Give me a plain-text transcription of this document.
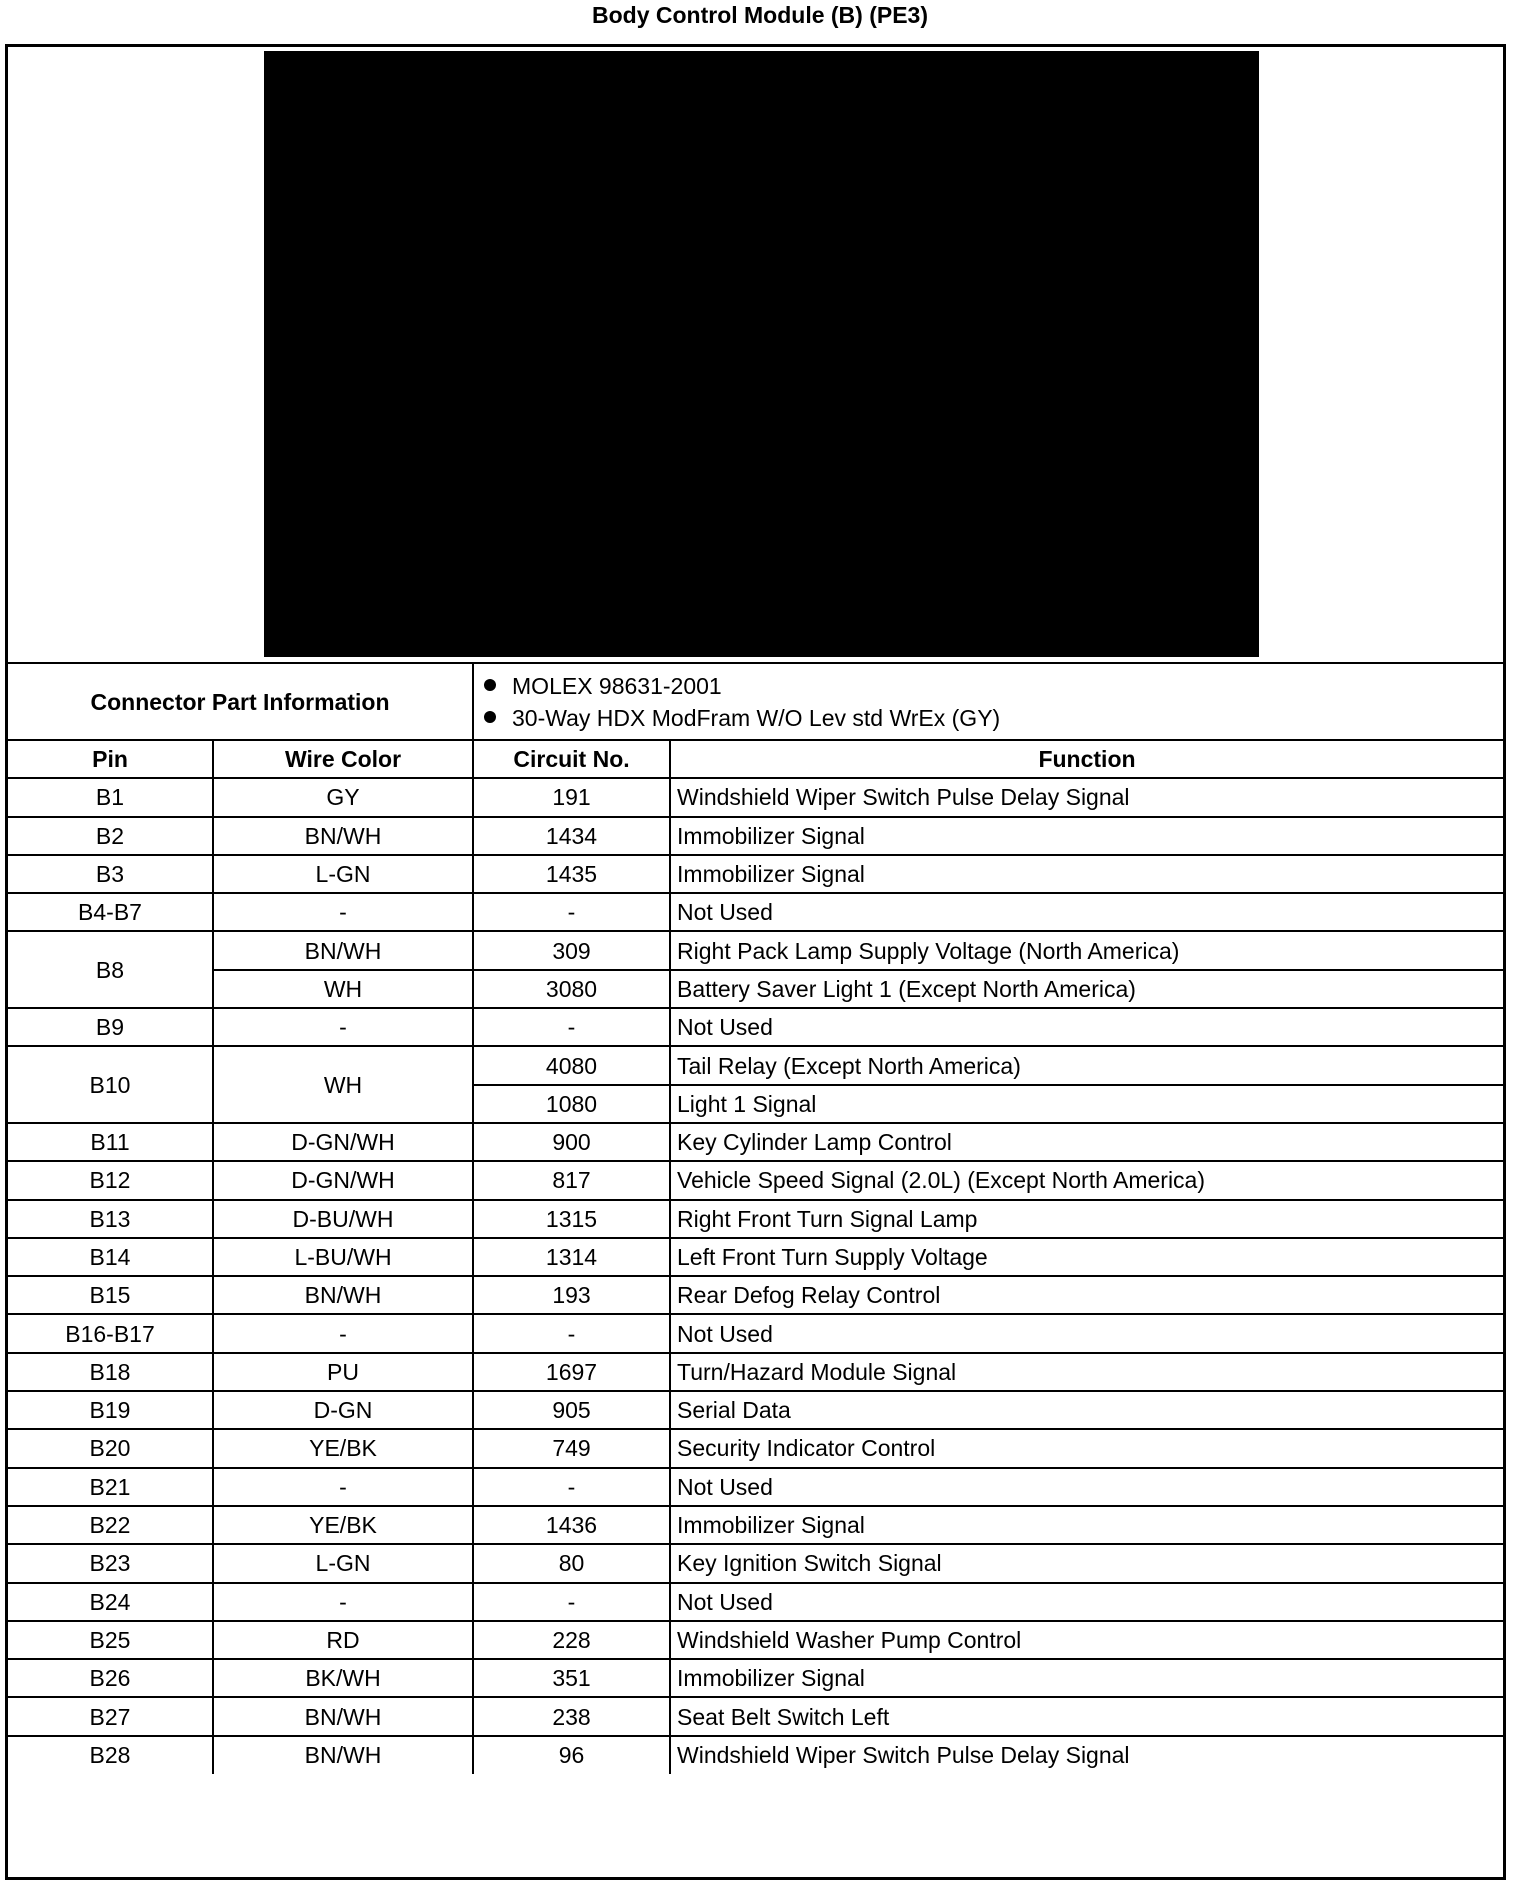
Body Control Module (B) (PE3)
Connector Part Information		MOLEX 98631-2001
30-Way HDX ModFram W/O Lev std WrEx (GY)	

Pin	Wire Color	Circuit No.	Function
B1	GY	191	Windshield Wiper Switch Pulse Delay Signal
B2	BN/WH	1434	Immobilizer Signal
B3	L-GN	1435	Immobilizer Signal
B4-B7	-	-	Not Used
B8	BN/WH	309	Right Pack Lamp Supply Voltage (North America)
	WH	3080	Battery Saver Light 1 (Except North America)
B9	-	-	Not Used
B10	WH	4080	Tail Relay (Except North America)
		1080	Light 1 Signal
B11	D-GN/WH	900	Key Cylinder Lamp Control
B12	D-GN/WH	817	Vehicle Speed Signal (2.0L) (Except North America)
B13	D-BU/WH	1315	Right Front Turn Signal Lamp
B14	L-BU/WH	1314	Left Front Turn Supply Voltage
B15	BN/WH	193	Rear Defog Relay Control
B16-B17	-	-	Not Used
B18	PU	1697	Turn/Hazard Module Signal
B19	D-GN	905	Serial Data
B20	YE/BK	749	Security Indicator Control
B21	-	-	Not Used
B22	YE/BK	1436	Immobilizer Signal
B23	L-GN	80	Key Ignition Switch Signal
B24	-	-	Not Used
B25	RD	228	Windshield Washer Pump Control
B26	BK/WH	351	Immobilizer Signal
B27	BN/WH	238	Seat Belt Switch Left
B28	BN/WH	96	Windshield Wiper Switch Pulse Delay Signal
